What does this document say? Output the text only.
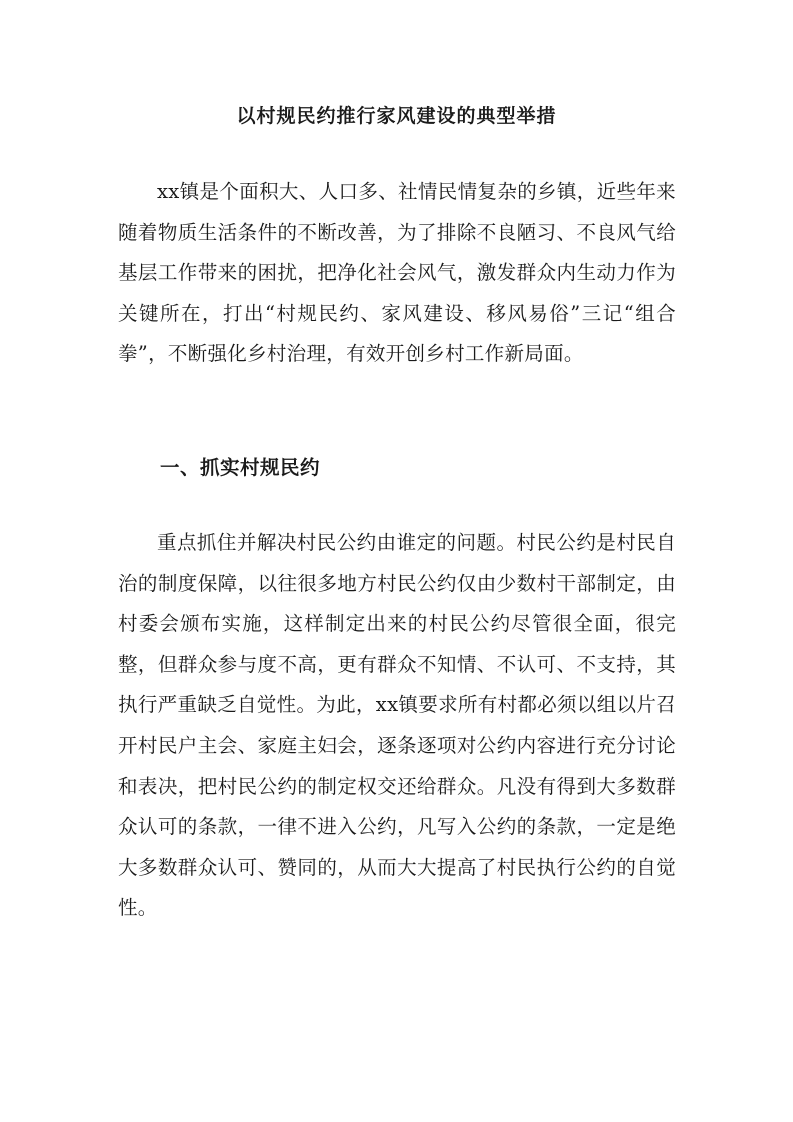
以村规民约推行家风建设的典型举措

xx镇是个面积大、人口多、社情民情复杂的乡镇，近些年来随着物质生活条件的不断改善，为了排除不良陋习、不良风气给基层工作带来的困扰，把净化社会风气，激发群众内生动力作为关键所在，打出“村规民约、家风建设、移风易俗”三记“组合拳”，不断强化乡村治理，有效开创乡村工作新局面。

一、抓实村规民约

重点抓住并解决村民公约由谁定的问题。村民公约是村民自治的制度保障，以往很多地方村民公约仅由少数村干部制定，由村委会颁布实施，这样制定出来的村民公约尽管很全面，很完整，但群众参与度不高，更有群众不知情、不认可、不支持，其执行严重缺乏自觉性。为此，xx镇要求所有村都必须以组以片召开村民户主会、家庭主妇会，逐条逐项对公约内容进行充分讨论和表决，把村民公约的制定权交还给群众。凡没有得到大多数群众认可的条款，一律不进入公约，凡写入公约的条款，一定是绝大多数群众认可、赞同的，从而大大提高了村民执行公约的自觉性。
